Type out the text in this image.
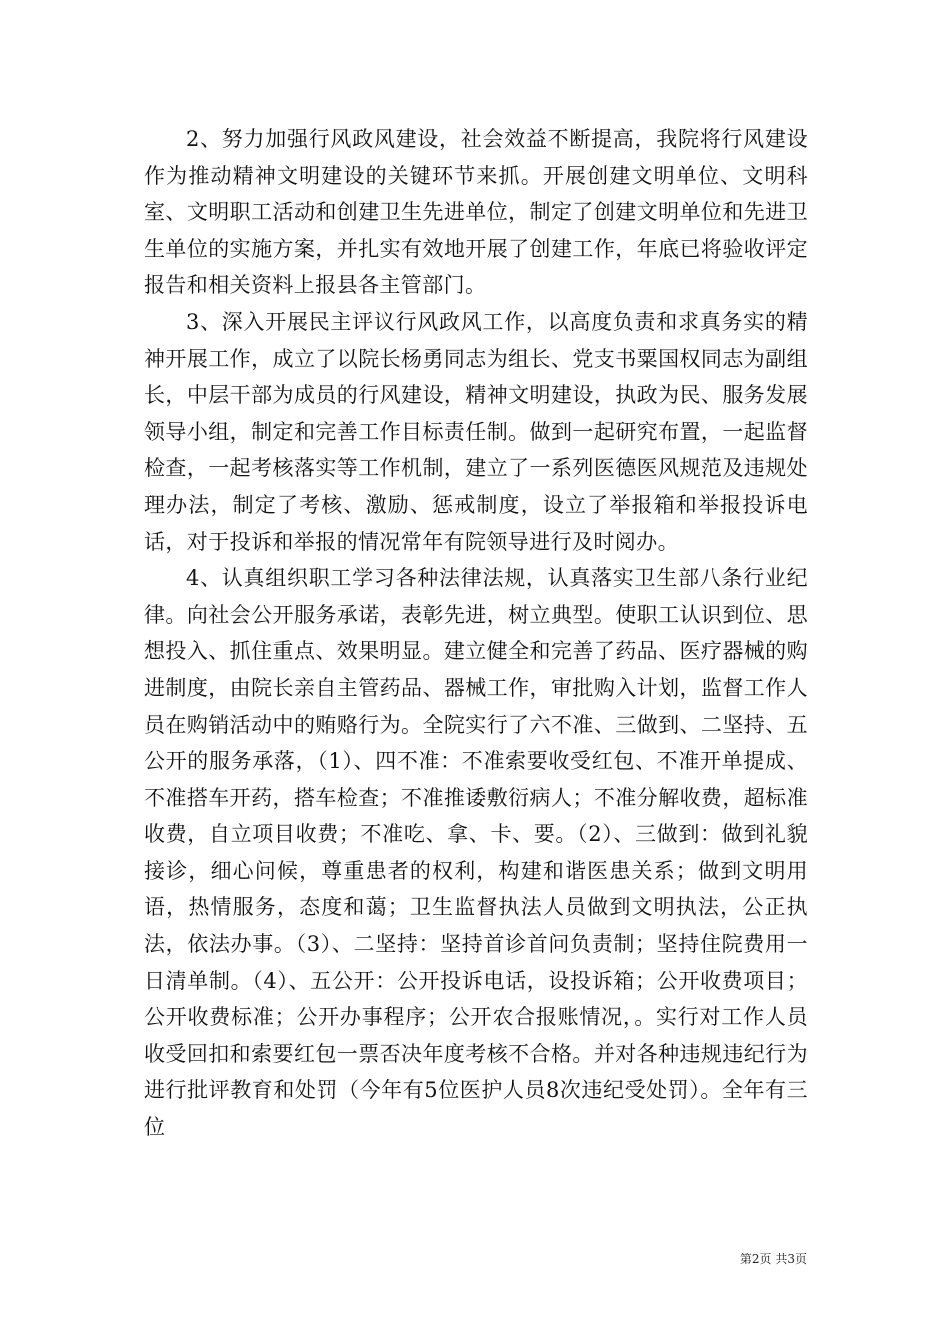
2、努力加强行风政风建设，社会效益不断提高，我院将行风建设作为推动精神文明建设的关键环节来抓。开展创建文明单位、文明科室、文明职工活动和创建卫生先进单位，制定了创建文明单位和先进卫生单位的实施方案，并扎实有效地开展了创建工作，年底已将验收评定报告和相关资料上报县各主管部门。

3、深入开展民主评议行风政风工作，以高度负责和求真务实的精神开展工作，成立了以院长杨勇同志为组长、党支书粟国权同志为副组长，中层干部为成员的行风建设，精神文明建设，执政为民、服务发展领导小组，制定和完善工作目标责任制。做到一起研究布置，一起监督检查，一起考核落实等工作机制，建立了一系列医德医风规范及违规处理办法，制定了考核、激励、惩戒制度，设立了举报箱和举报投诉电话，对于投诉和举报的情况常年有院领导进行及时阅办。

4、认真组织职工学习各种法律法规，认真落实卫生部八条行业纪律。向社会公开服务承诺，表彰先进，树立典型。使职工认识到位、思想投入、抓住重点、效果明显。建立健全和完善了药品、医疗器械的购进制度，由院长亲自主管药品、器械工作，审批购入计划，监督工作人员在购销活动中的贿赂行为。全院实行了六不准、三做到、二坚持、五公开的服务承落，（1）、四不准：不准索要收受红包、不准开单提成、不准搭车开药，搭车检查；不准推诿敷衍病人；不准分解收费，超标准收费，自立项目收费；不准吃、拿、卡、要。（2）、三做到：做到礼貌接诊，细心问候，尊重患者的权利，构建和谐医患关系；做到文明用语，热情服务，态度和蔼；卫生监督执法人员做到文明执法，公正执法，依法办事。（3）、二坚持：坚持首诊首问负责制；坚持住院费用一日清单制。（4）、五公开：公开投诉电话，设投诉箱；公开收费项目；公开收费标准；公开办事程序；公开农合报账情况，。实行对工作人员收受回扣和索要红包一票否决年度考核不合格。并对各种违规违纪行为进行批评教育和处罚（今年有5位医护人员8次违纪受处罚）。全年有三位

第2页 共3页
